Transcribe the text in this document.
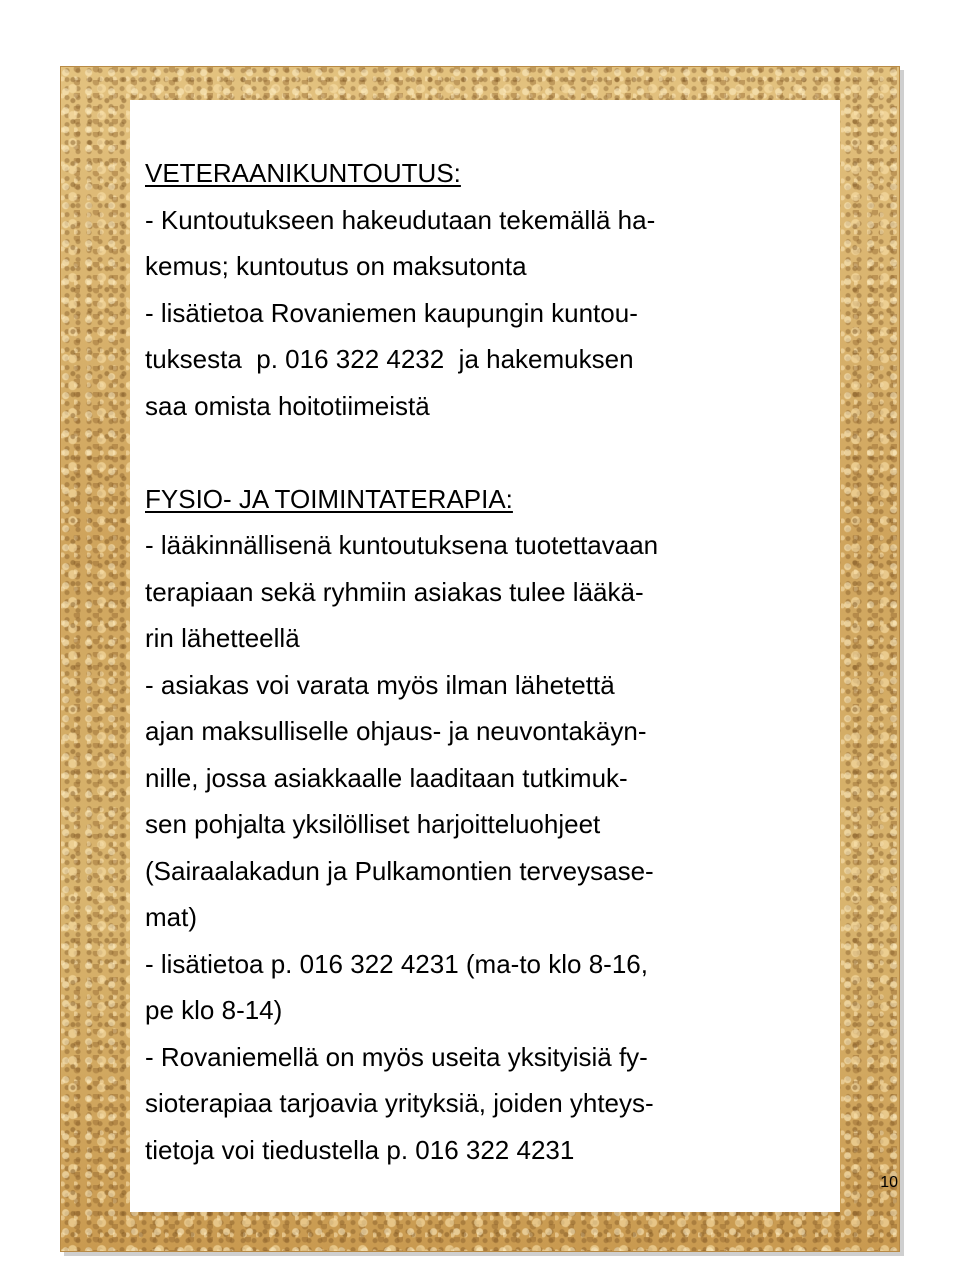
VETERAANIKUNTOUTUS:
- Kuntoutukseen hakeudutaan tekemällä ha-
kemus; kuntoutus on maksutonta
- lisätietoa Rovaniemen kaupungin kuntou-
tuksesta  p. 016 322 4232  ja hakemuksen
saa omista hoitotiimeistä
FYSIO- JA TOIMINTATERAPIA:
- lääkinnällisenä kuntoutuksena tuotettavaan
terapiaan sekä ryhmiin asiakas tulee lääkä-
rin lähetteellä
- asiakas voi varata myös ilman lähetettä
ajan maksulliselle ohjaus- ja neuvontakäyn-
nille, jossa asiakkaalle laaditaan tutkimuk-
sen pohjalta yksilölliset harjoitteluohjeet
(Sairaalakadun ja Pulkamontien terveysase-
mat)
- lisätietoa p. 016 322 4231 (ma-to klo 8-16,
pe klo 8-14)
- Rovaniemellä on myös useita yksityisiä fy-
sioterapiaa tarjoavia yrityksiä, joiden yhteys-
tietoja voi tiedustella p. 016 322 4231
10
